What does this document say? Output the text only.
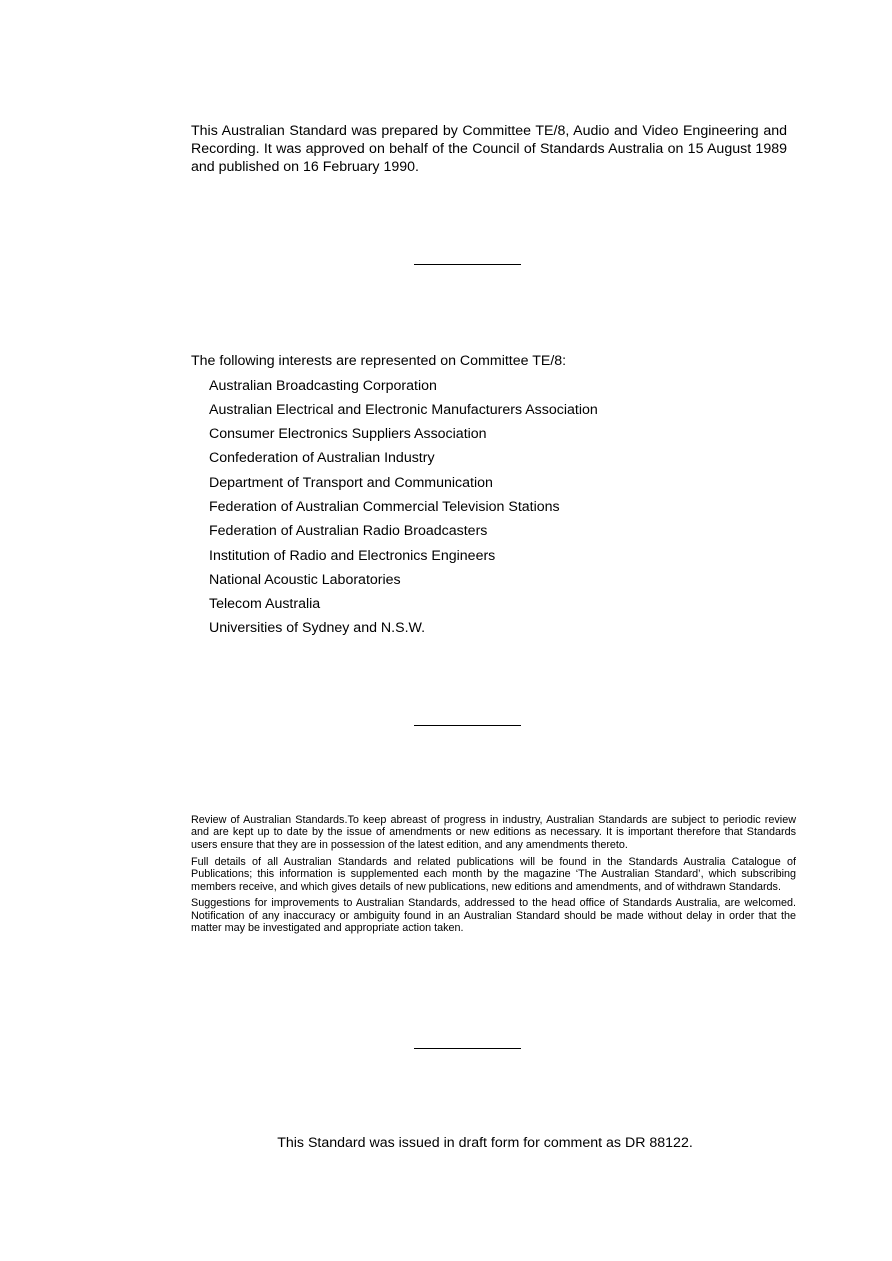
This Australian Standard was prepared by Committee TE/8, Audio and Video Engineering and Recording. It was approved on behalf of the Council of Standards Australia on 15 August 1989 and published on 16 February 1990.

The following interests are represented on Committee TE/8:
Australian Broadcasting Corporation
Australian Electrical and Electronic Manufacturers Association
Consumer Electronics Suppliers Association
Confederation of Australian Industry
Department of Transport and Communication
Federation of Australian Commercial Television Stations
Federation of Australian Radio Broadcasters
Institution of Radio and Electronics Engineers
National Acoustic Laboratories
Telecom Australia
Universities of Sydney and N.S.W.

Review of Australian Standards.To keep abreast of progress in industry, Australian Standards are subject to periodic review and are kept up to date by the issue of amendments or new editions as necessary. It is important therefore that Standards users ensure that they are in possession of the latest edition, and any amendments thereto.

Full details of all Australian Standards and related publications will be found in the Standards Australia Catalogue of Publications; this information is supplemented each month by the magazine ‘The Australian Standard’, which subscribing members receive, and which gives details of new publications, new editions and amendments, and of withdrawn Standards.

Suggestions for improvements to Australian Standards, addressed to the head office of Standards Australia, are welcomed. Notification of any inaccuracy or ambiguity found in an Australian Standard should be made without delay in order that the matter may be investigated and appropriate action taken.

This Standard was issued in draft form for comment as DR 88122.
